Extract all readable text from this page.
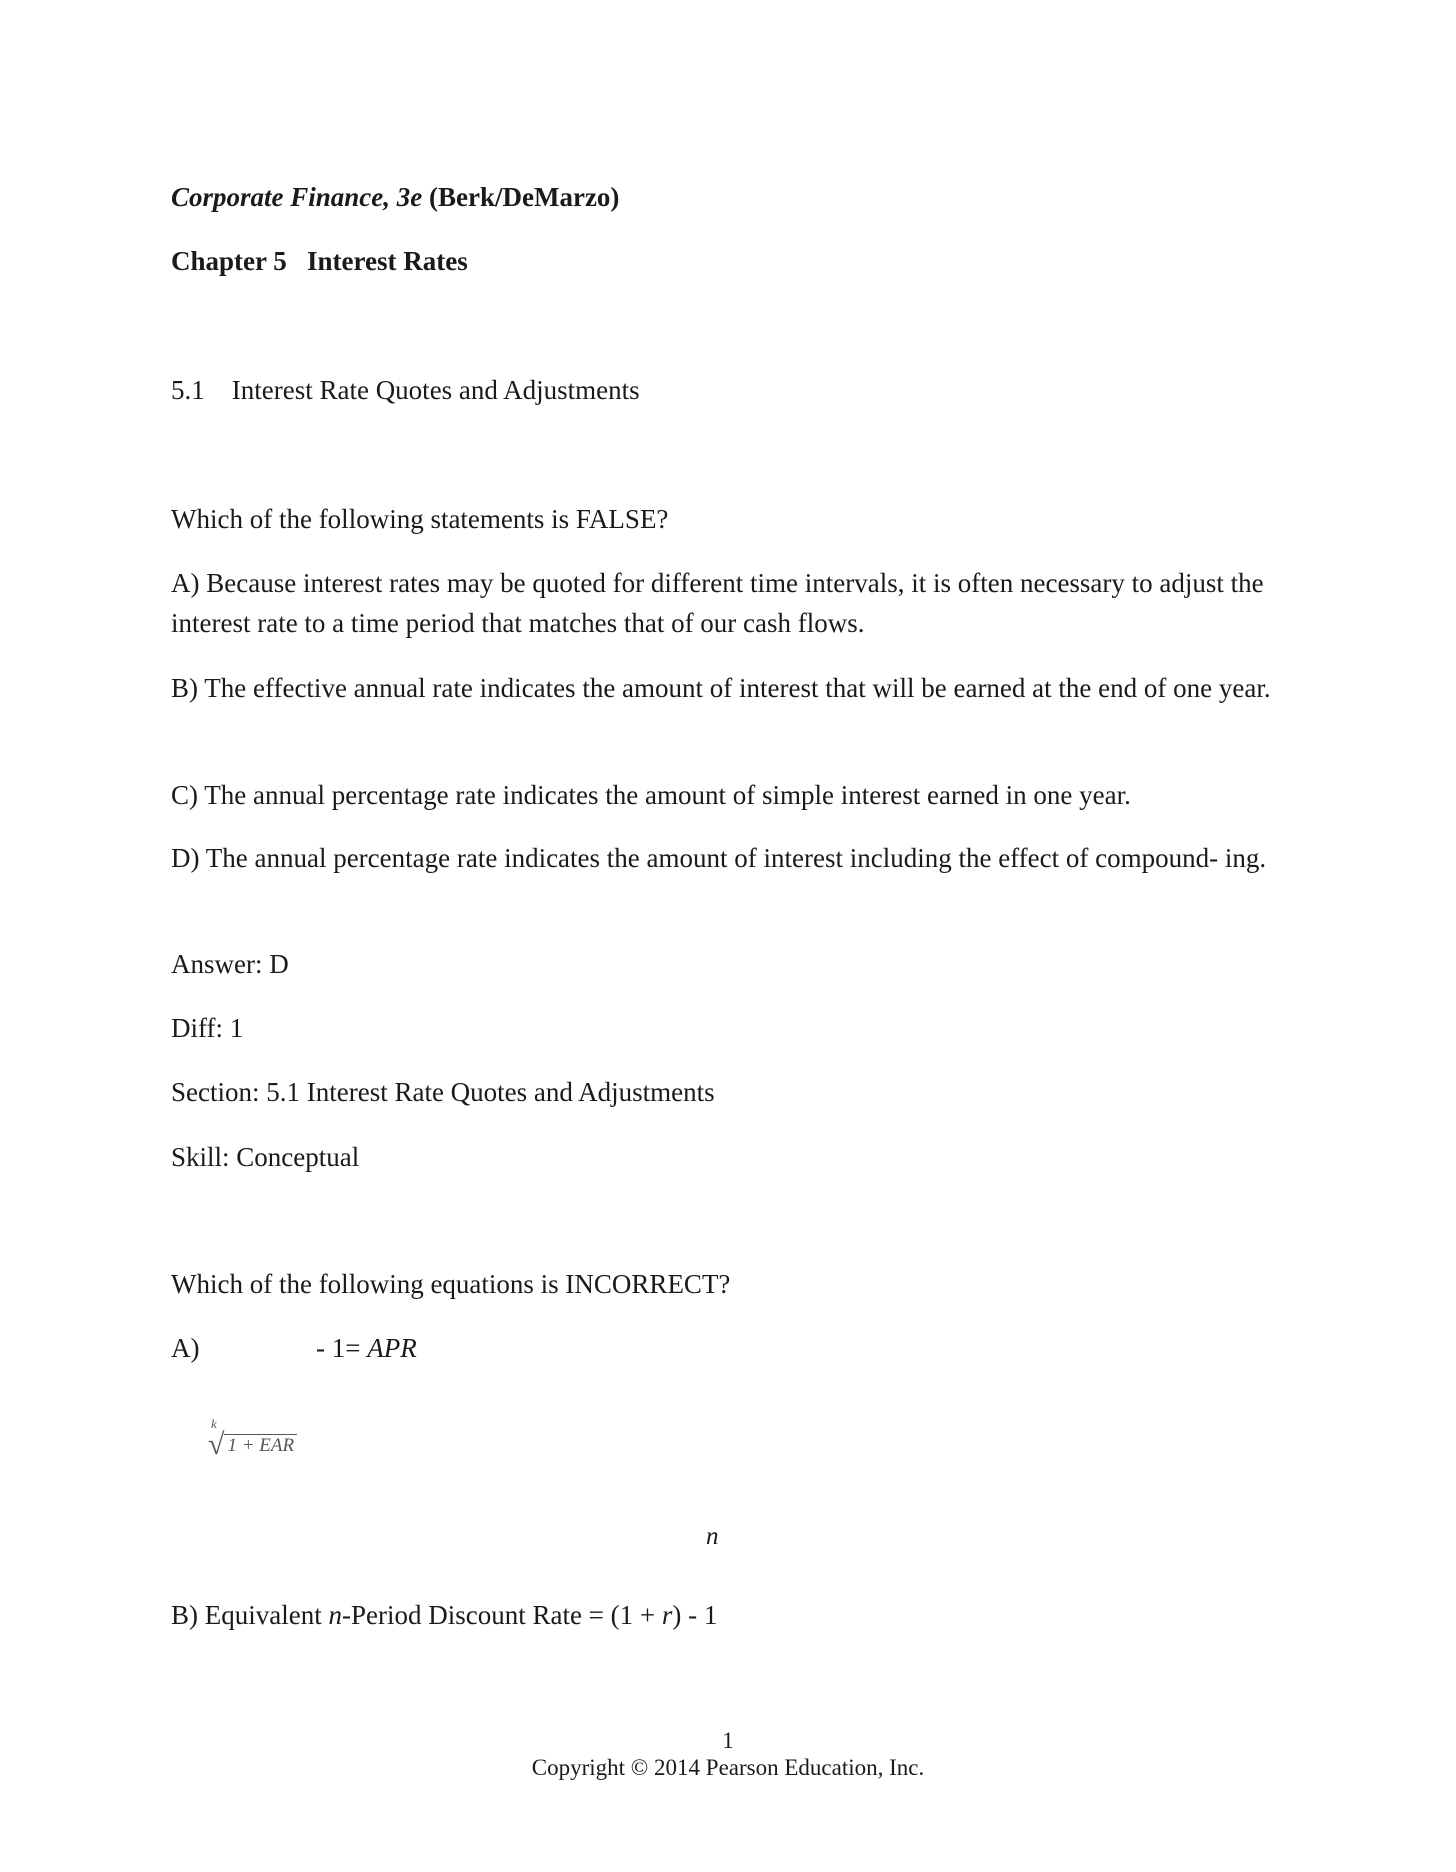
Corporate Finance, 3e (Berk/DeMarzo)
Chapter 5 Interest Rates
5.1 Interest Rate Quotes and Adjustments
Which of the following statements is FALSE?
A) Because interest rates may be quoted for different time intervals, it is often necessary to adjust the interest rate to a time period that matches that of our cash flows.
B) The effective annual rate indicates the amount of interest that will be earned at the end of one year.
C) The annual percentage rate indicates the amount of simple interest earned in one year.
D) The annual percentage rate indicates the amount of interest including the effect of compound- ing.
Answer: D
Diff: 1
Section: 5.1 Interest Rate Quotes and Adjustments
Skill: Conceptual
Which of the following equations is INCORRECT?
A)	- 1= APR
k
√ 1 + EAR
n
B) Equivalent n-Period Discount Rate = (1 + r) - 1
1
Copyright © 2014 Pearson Education, Inc.
